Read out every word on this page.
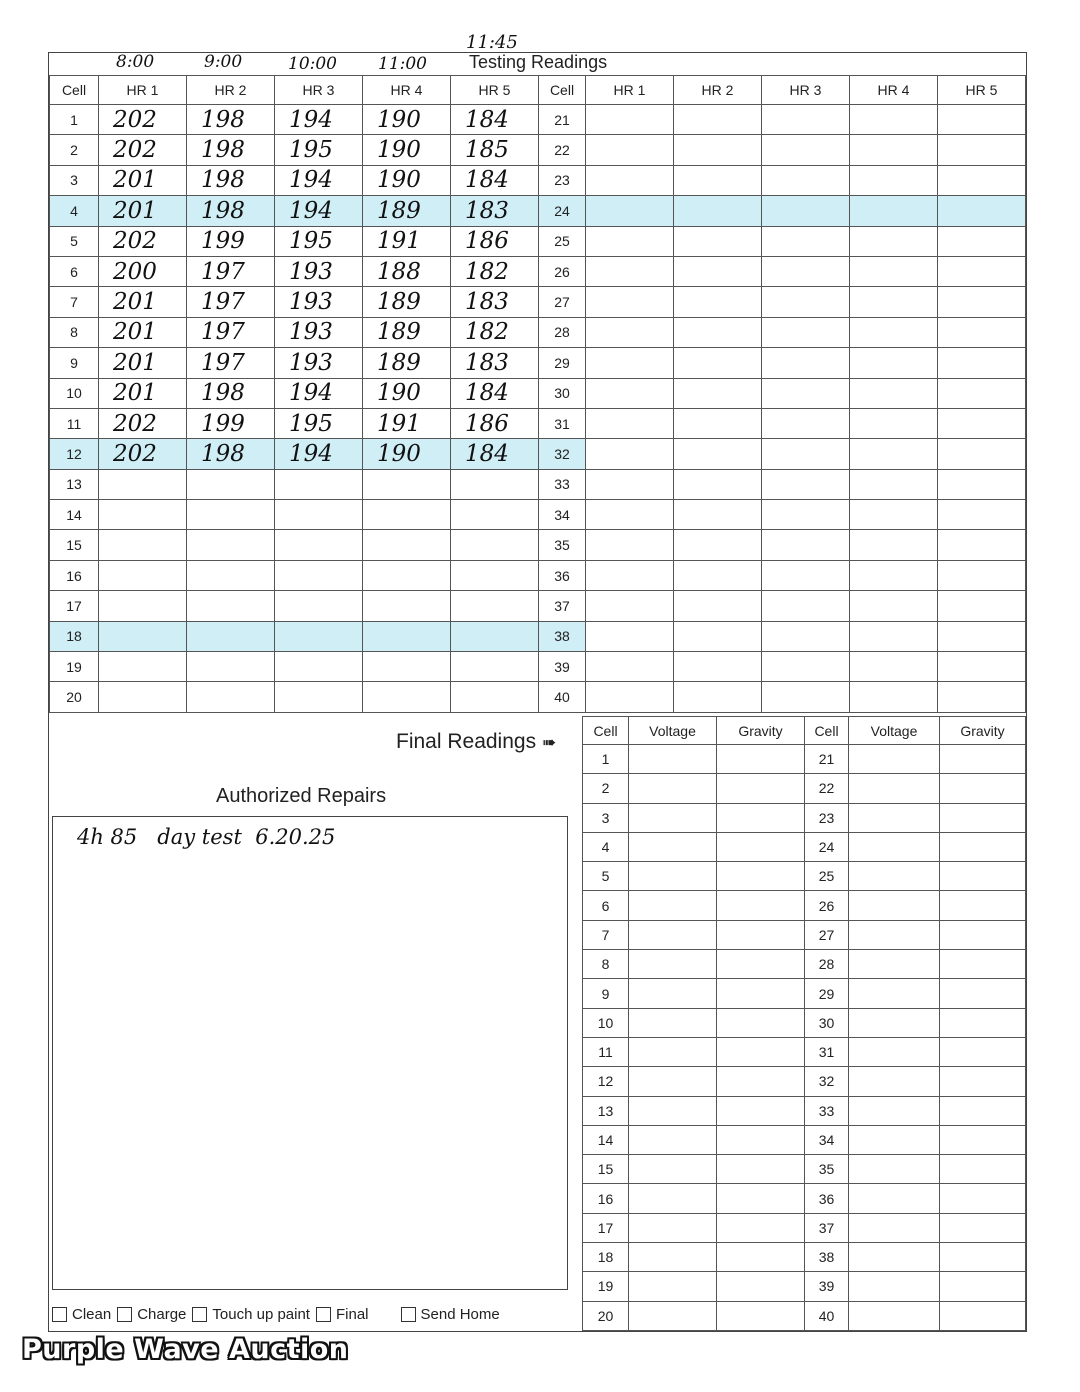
8:00	9:00	10:00 11:00
11:45
Testing Readings
Cell	HR 1	HR 2	HR 3	HR 4	HR 5	Cell	HR 1	HR 2	HR 3	HR 4	HR 5
1	202	198	194	190	184	21					
2	202	198	195	190	185	22					
3	201	198	194	190	184	23					
4	201	198	194	189	183	24					
5	202	199	195	191	186	25					
6	200	197	193	188	182	26					
7	201	197	193	189	183	27					
8	201	197	193	189	182	28					
9	201	197	193	189	183	29					
10	201	198	194	190	184	30					
11	202	199	195	191	186	31					
12	202	198	194	190	184	32					
13						33					
14						34					
15						35					
16						36					
17						37					
18						38					
19						39					
20						40					
Final Readings ➠
Cell	Voltage	Gravity	Cell	Voltage	Gravity
1			21		
2			22		
3			23		
4			24		
5			25		
6			26		
7			27		
8			28		
9			29		
10			30		
11			31		
12			32		
13			33		
14			34		
15			35		
16			36		
17			37		
18			38		
19			39		
20			40		
Authorized Repairs
4h 85   day test  6.20.25
Clean Charge Touch up paint Final	Send Home
Purple Wave Auction
